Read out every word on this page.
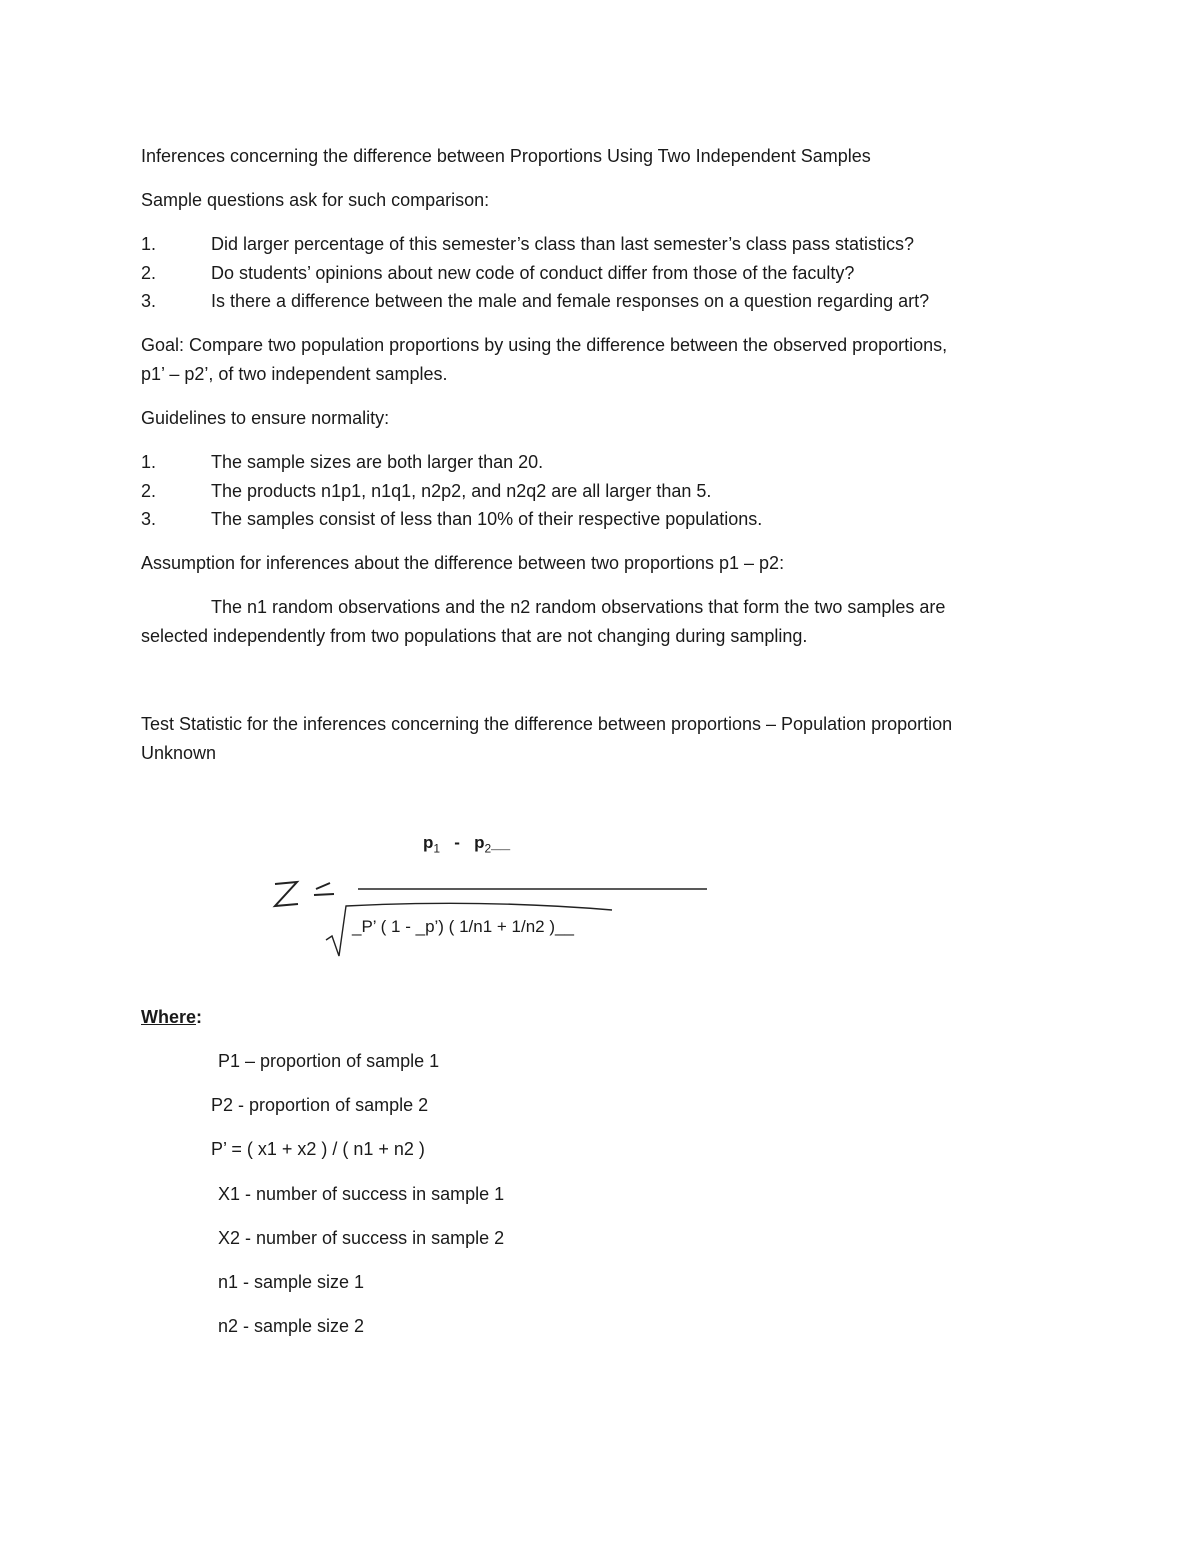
Inferences concerning the difference between Proportions Using Two Independent Samples
Sample questions ask for such comparison:
1.	Did larger percentage of this semester’s class than last semester’s class pass statistics?
2.	Do students’ opinions about new code of conduct differ from those of the faculty?
3.	Is there a difference between the male and female responses on a question regarding art?
Goal: Compare two population proportions by using the difference between the observed proportions,
p1’ – p2’, of two independent samples.
Guidelines to ensure normality:
1.	The sample sizes are both larger than 20.
2.	The products n1p1, n1q1, n2p2, and n2q2 are all larger than 5.
3.	The samples consist of less than 10% of their respective populations.
Assumption for inferences about the difference between two proportions p1 – p2:
The n1 random observations and the n2 random observations that form the two samples are
selected independently from two populations that are not changing during sampling.
Test Statistic for the inferences concerning the difference between proportions – Population proportion
Unknown
$p_1$ - $p_2\_\_$
_P’ ( 1 - _p’) ( 1/n1 + 1/n2 )__
Where:
P1 – proportion of sample 1
P2 - proportion of sample 2
P’ = ( x1 + x2 ) / ( n1 + n2 )
X1 - number of success in sample 1
X2 - number of success in sample 2
n1 - sample size 1
n2 - sample size 2
